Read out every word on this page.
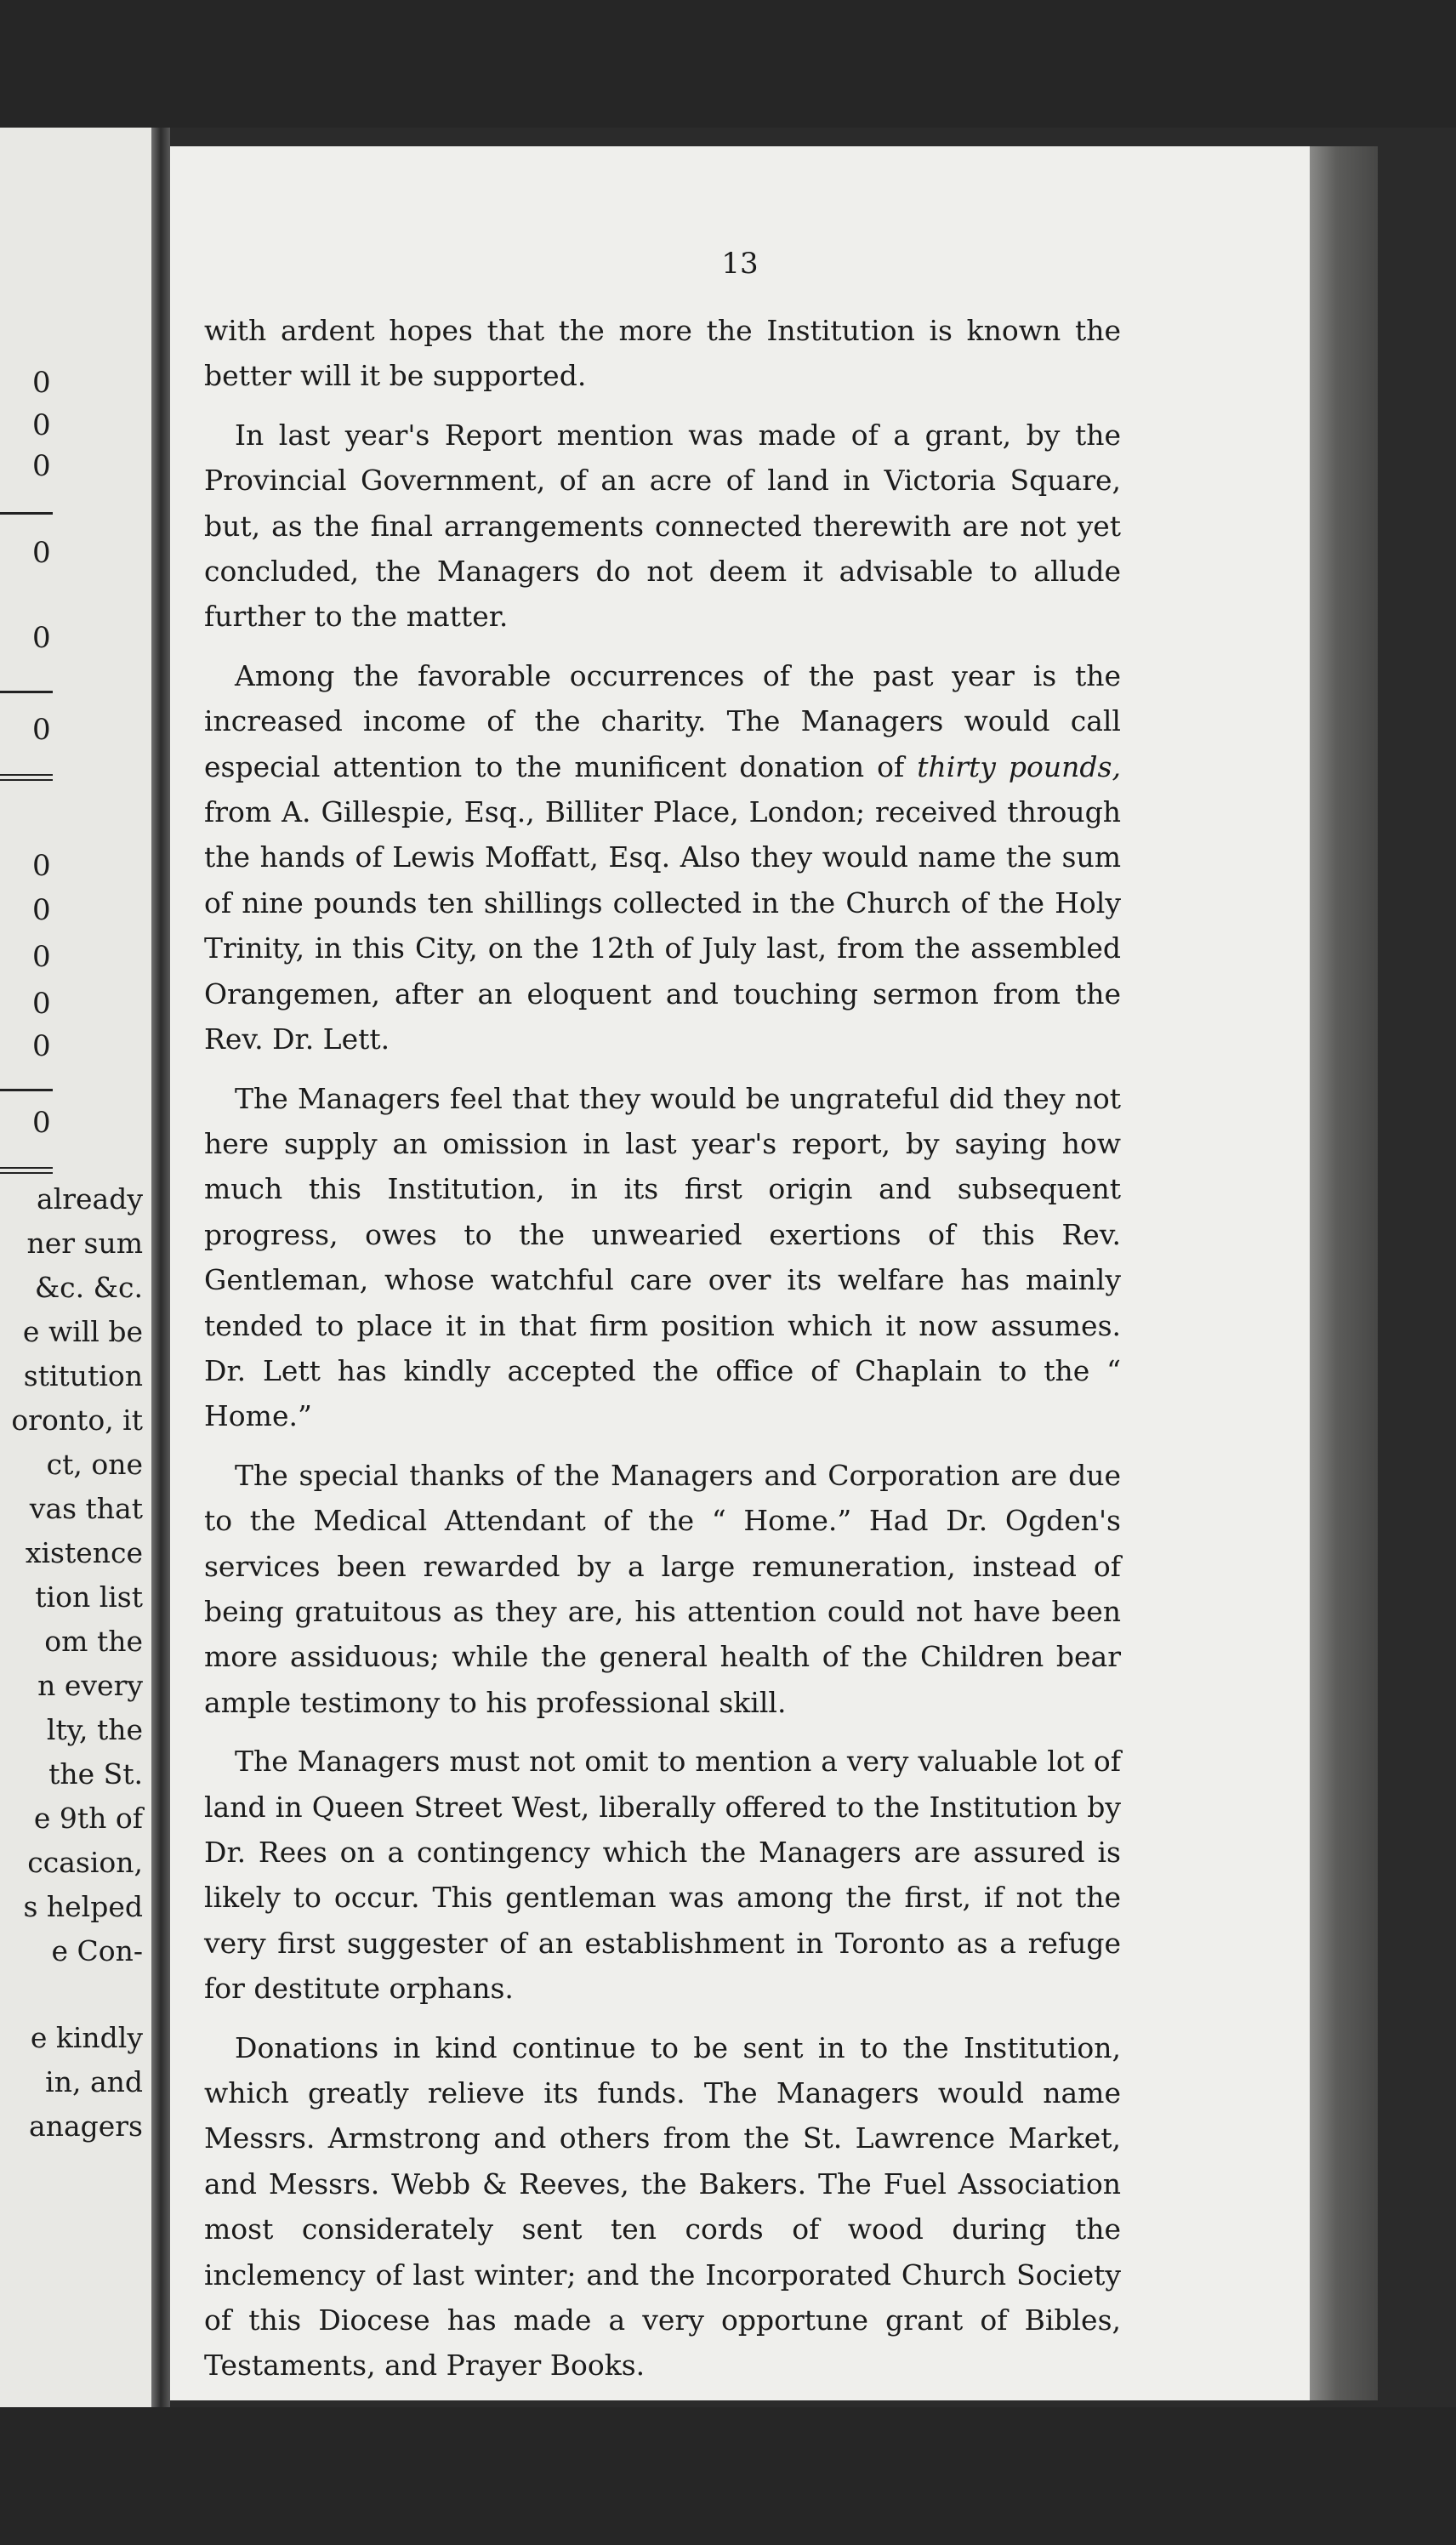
0
0
0
0
0
0
0
0
0
0
0
0
already
ner sum
&c. &c.
e will be
stitution
oronto, it
ct, one
vas that
xistence
tion list
om the
n every
lty, the
the St.
e 9th of
ccasion,
s helped
e Con-
e kindly
in, and
anagers
13

with ardent hopes that the more the Institution is known the better will it be supported.

In last year's Report mention was made of a grant, by the Provincial Government, of an acre of land in Victoria Square, but, as the final arrangements connected therewith are not yet concluded, the Managers do not deem it advisable to allude further to the matter.

Among the favorable occurrences of the past year is the increased income of the charity. The Managers would call especial attention to the munificent donation of thirty pounds, from A. Gillespie, Esq., Billiter Place, London; received through the hands of Lewis Moffatt, Esq. Also they would name the sum of nine pounds ten shillings collected in the Church of the Holy Trinity, in this City, on the 12th of July last, from the assembled Orangemen, after an eloquent and touching sermon from the Rev. Dr. Lett.

The Managers feel that they would be ungrateful did they not here supply an omission in last year's report, by saying how much this Institution, in its first origin and subsequent progress, owes to the unwearied exertions of this Rev. Gentleman, whose watchful care over its welfare has mainly tended to place it in that firm position which it now assumes. Dr. Lett has kindly accepted the office of Chaplain to the “ Home.”

The special thanks of the Managers and Corporation are due to the Medical Attendant of the “ Home.” Had Dr. Ogden's services been rewarded by a large remuneration, instead of being gratuitous as they are, his attention could not have been more assiduous; while the general health of the Children bear ample testimony to his professional skill.

The Managers must not omit to mention a very valuable lot of land in Queen Street West, liberally offered to the Institution by Dr. Rees on a contingency which the Managers are assured is likely to occur. This gentleman was among the first, if not the very first suggester of an establishment in Toronto as a refuge for destitute orphans.

Donations in kind continue to be sent in to the Institution, which greatly relieve its funds. The Managers would name Messrs. Armstrong and others from the St. Lawrence Market, and Messrs. Webb & Reeves, the Bakers. The Fuel Association most considerately sent ten cords of wood during the inclemency of last winter; and the Incorporated Church Society of this Diocese has made a very opportune grant of Bibles, Testaments, and Prayer Books.
